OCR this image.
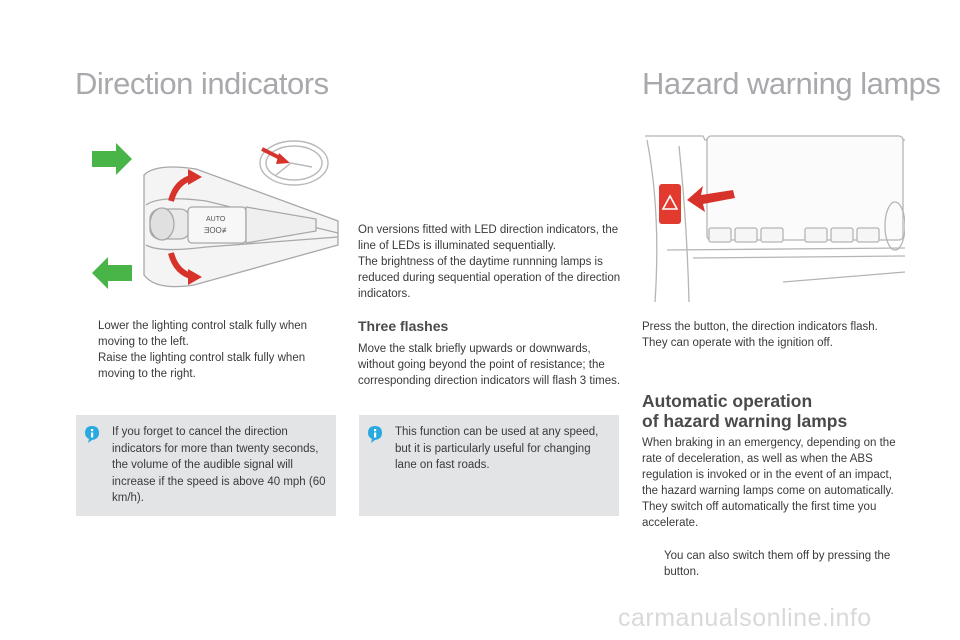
Direction indicators
AUTO
ƎOO≢
Lower the lighting control stalk fully when moving to the left.
Raise the lighting control stalk fully when moving to the right.

If you forget to cancel the direction indicators for more than twenty seconds, the volume of the audible signal will increase if the speed is above 40 mph (60 km/h).

On versions fitted with LED direction indicators, the line of LEDs is illuminated sequentially.
The brightness of the daytime runnning lamps is reduced during sequential operation of the direction indicators.

Three flashes

Move the stalk briefly upwards or downwards, without going beyond the point of resistance; the corresponding direction indicators will flash 3 times.

This function can be used at any speed, but it is particularly useful for changing lane on fast roads.

Hazard warning lamps

Press the button, the direction indicators flash.
They can operate with the ignition off.

Automatic operation
of hazard warning lamps

When braking in an emergency, depending on the rate of deceleration, as well as when the ABS regulation is invoked or in the event of an impact, the hazard warning lamps come on automatically.
They switch off automatically the first time you accelerate.

You can also switch them off by pressing the button.
carmanualsonline.info
